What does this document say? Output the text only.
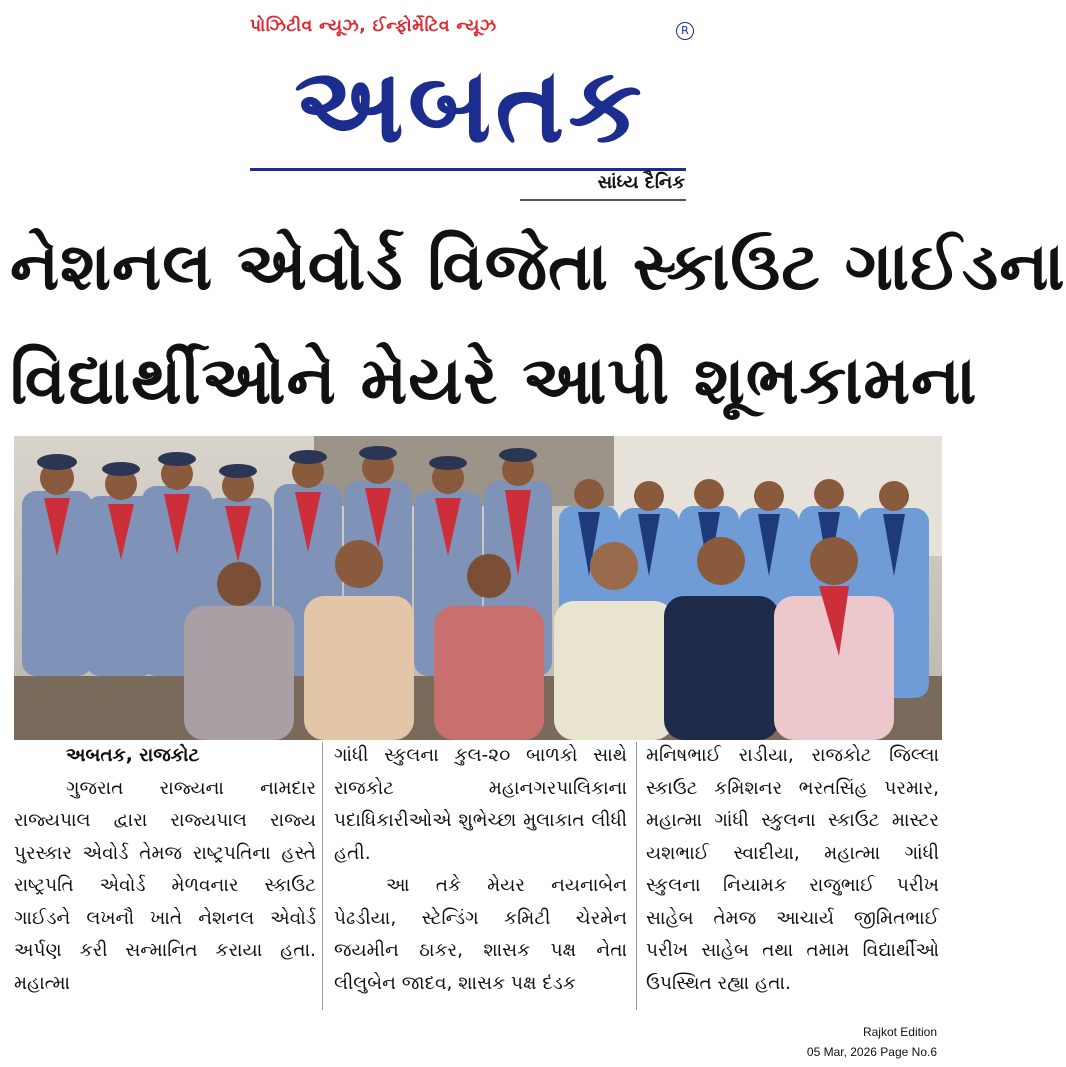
પોઝિટીવ ન્યૂઝ, ઈન્ફોર્મેટિવ ન્યૂઝ	R
અબતક
સાંધ્ય દૈનિક
નેશનલ એવોર્ડ વિજેતા સ્કાઉટ ગાઈડના
વિદ્યાર્થીઓને મેયરે આપી શૂભકામના
અબતક, રાજકોટ

ગુજરાત રાજ્યના નામદાર રાજ્યપાલ દ્વારા રાજ્યપાલ રાજ્ય પુરસ્કાર એવોર્ડ તેમજ રાષ્ટ્રપતિના હસ્તે રાષ્ટ્રપતિ એવોર્ડ મેળવનાર સ્કાઉટ ગાઈડને લખનૌ ખાતે નેશનલ એવોર્ડ અર્પણ કરી સન્માનિત કરાયા હતા. મહાત્મા

ગાંધી સ્કુલના કુલ-૨૦ બાળકો સાથે રાજકોટ મહાનગરપાલિકાના પદાધિકારીઓએ શુભેચ્છા મુલાકાત લીધી હતી.

આ તકે મેયર નયનાબેન પેઢડીયા, સ્ટેન્ડિંગ કમિટી ચેરમેન જયમીન ઠાકર, શાસક પક્ષ નેતા લીલુબેન જાદવ, શાસક પક્ષ દંડક

મનિષભાઈ રાડીયા, રાજકોટ જિલ્લા સ્કાઉટ કમિશનર ભરતસિંહ પરમાર, મહાત્મા ગાંધી સ્કુલના સ્કાઉટ માસ્ટર યશભાઈ સ્વાદીયા, મહાત્મા ગાંધી સ્કુલના નિયામક રાજુભાઈ પરીખ સાહેબ તેમજ આચાર્ય જીમિતભાઈ પરીખ સાહેબ તથા તમામ વિદ્યાર્થીઓ ઉપસ્થિત રહ્યા હતા.

Rajkot Edition
05 Mar, 2026 Page No.6
